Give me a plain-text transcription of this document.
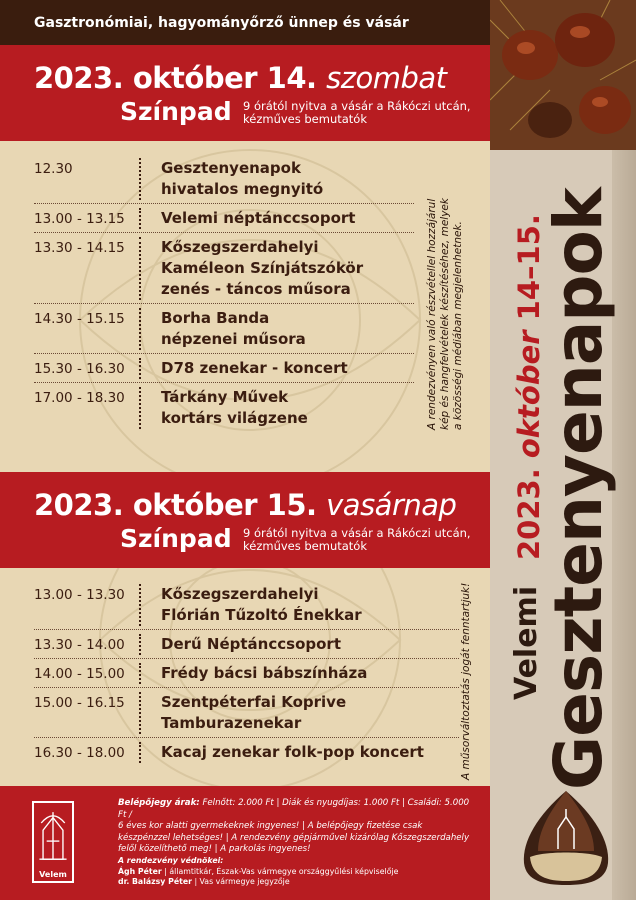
Gasztronómiai, hagyományőrző ünnep és vásár
2023. október 14. szombat
Színpad 9 órától nyitva a vásár a Rákóczi utcán,
kézműves bemutatók
12.30	Gesztenyenapok
hivatalos megnyitó
13.00 - 13.15	Velemi néptánccsoport
13.30 - 14.15	Kőszegszerdahelyi
Kaméleon Színjátszókör
zenés - táncos műsora
14.30 - 15.15	Borha Banda
népzenei műsora
15.30 - 16.30	D78 zenekar - koncert
17.00 - 18.30	Tárkány Művek
kortárs világzene	A rendezvényen való részvétellel hozzájárul kép és hangfelvételek készítéséhez, melyek a közösségi médiában megjelenhetnek.
2023. október 15. vasárnap
Színpad 9 órától nyitva a vásár a Rákóczi utcán,
kézműves bemutatók
13.00 - 13.30	Kőszegszerdahelyi
Flórián Tűzoltó Énekkar
13.30 - 14.00	Derű Néptánccsoport
14.00 - 15.00	Frédy bácsi bábszínháza
15.00 - 16.15	Szentpéterfai Koprive
Tamburazenekar
16.30 - 18.00	Kacaj zenekar folk-pop koncert	A műsorváltoztatás jogát fenntartjuk!
Velem
Belépőjegy árak: Felnőtt: 2.000 Ft | Diák és nyugdíjas: 1.000 Ft | Családi: 5.000 Ft /
6 éves kor alatti gyermekeknek ingyenes! | A belépőjegy fizetése csak
készpénzzel lehetséges! | A rendezvény gépjárművel kizárólag Kőszegszerdahely
felől közelíthető meg! | A parkolás ingyenes!
A rendezvény védnökei:
Ágh Péter | államtitkár, Észak-Vas vármegye országgyűlési képviselője
dr. Balázsy Péter | Vas vármegye jegyzője
Velemi
Gesztenyenapok
2023. október 14–15.
